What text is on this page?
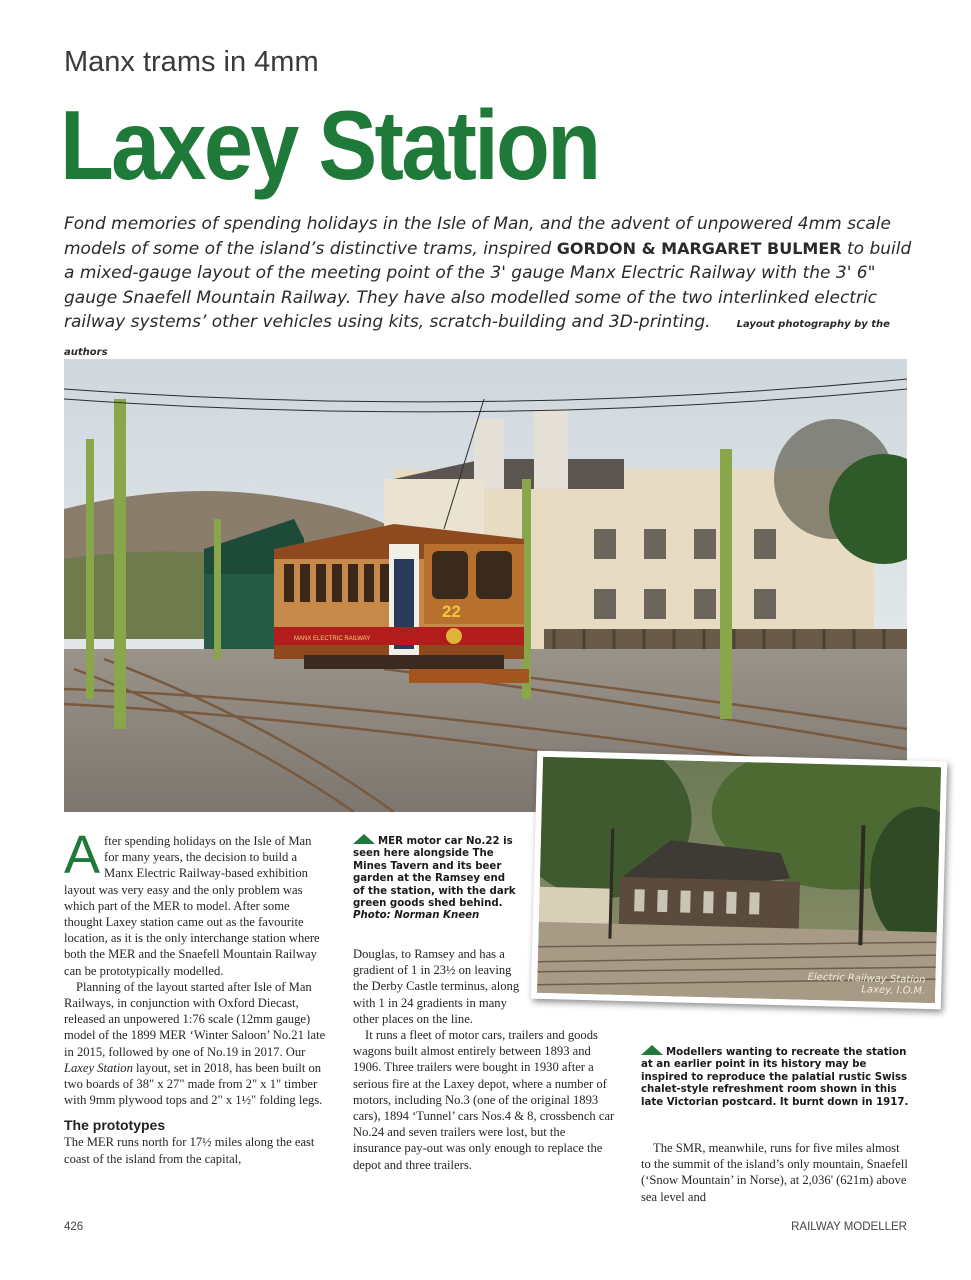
Manx trams in 4mm
Laxey Station
Fond memories of spending holidays in the Isle of Man, and the advent of unpowered 4mm scale models of some of the island’s distinctive trams, inspired GORDON & MARGARET BULMER to build a mixed-gauge layout of the meeting point of the 3' gauge Manx Electric Railway with the 3' 6" gauge Snaefell Mountain Railway. They have also modelled some of the two interlinked electric railway systems’ other vehicles using kits, scratch-building and 3D-printing.	Layout photography by the authors
22
MANX ELECTRIC RAILWAY
Electric Railway Station
Laxey, I.O.M.

After spending holidays on the Isle of Man for many years, the decision to build a Manx Electric Railway-based exhibition layout was very easy and the only problem was which part of the MER to model. After some thought Laxey station came out as the favourite location, as it is the only interchange station where both the MER and the Snaefell Mountain Railway can be prototypically modelled.

Planning of the layout started after Isle of Man Railways, in conjunction with Oxford Diecast, released an unpowered 1:76 scale (12mm gauge) model of the 1899 MER ‘Winter Saloon’ No.21 late in 2015, followed by one of No.19 in 2017. Our Laxey Station layout, set in 2018, has been built on two boards of 38" x 27" made from 2" x 1" timber with 9mm plywood tops and 2" x 1½" folding legs.

The prototypes

The MER runs north for 17½ miles along the east coast of the island from the capital,

MER motor car No.22 is seen here alongside The Mines Tavern and its beer garden at the Ramsey end of the station, with the dark green goods shed behind.
Photo: Norman Kneen

Douglas, to Ramsey and has a gradient of 1 in 23½ on leaving the Derby Castle terminus, along with 1 in 24 gradients in many other places on the line.

It runs a fleet of motor cars, trailers and goods wagons built almost entirely between 1893 and 1906. Three trailers were bought in 1930 after a serious fire at the Laxey depot, where a number of motors, including No.3 (one of the original 1893 cars), 1894 ‘Tunnel’ cars Nos.4 & 8, crossbench car No.24 and seven trailers were lost, but the insurance pay-out was only enough to replace the depot and three trailers.

Modellers wanting to recreate the station at an earlier point in its history may be inspired to reproduce the palatial rustic Swiss chalet-style refreshment room shown in this late Victorian postcard. It burnt down in 1917.

The SMR, meanwhile, runs for five miles almost to the summit of the island’s only mountain, Snaefell (‘Snow Mountain’ in Norse), at 2,036' (621m) above sea level and

426	RAILWAY MODELLER
